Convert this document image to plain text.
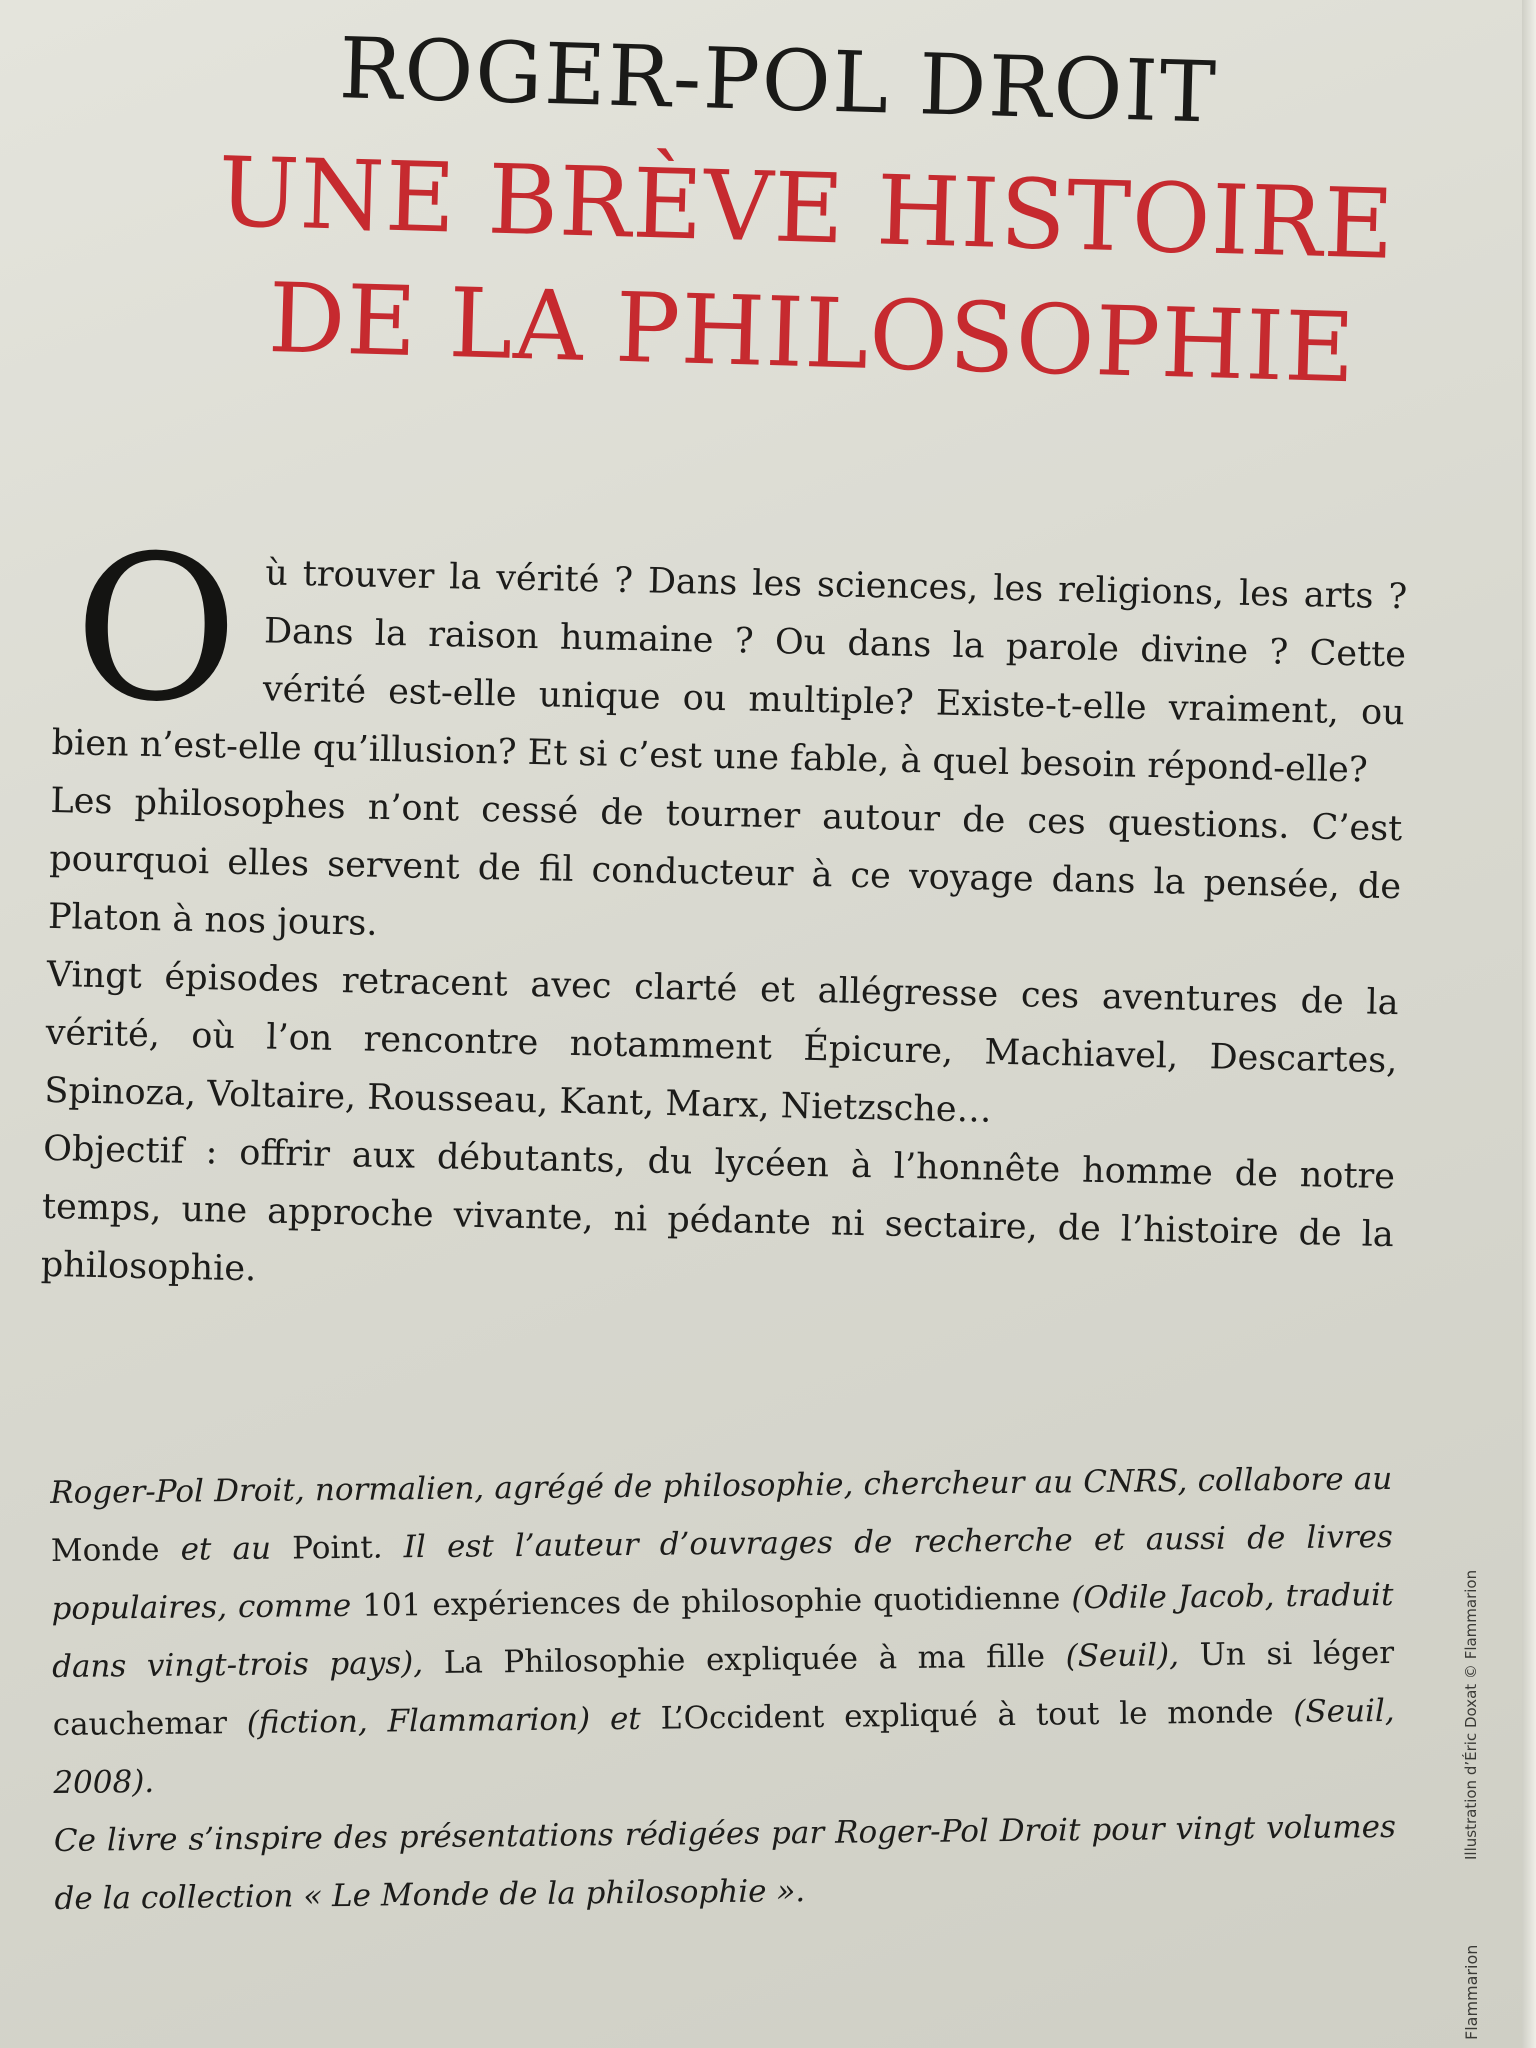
ROGER-POL DROIT
UNE BRÈVE HISTOIRE
DE LA PHILOSOPHIE

Où trouver la vérité ? Dans les sciences, les religions, les arts ? Dans la raison humaine ? Ou dans la parole divine ? Cette vérité est-elle unique ou multiple? Existe-t-elle vraiment, ou bien n’est-elle qu’illusion? Et si c’est une fable, à quel besoin répond-elle?

Les philosophes n’ont cessé de tourner autour de ces questions. C’est pourquoi elles servent de fil conducteur à ce voyage dans la pensée, de Platon à nos jours.

Vingt épisodes retracent avec clarté et allégresse ces aventures de la vérité, où l’on rencontre notamment Épicure, Machiavel, Descartes, Spinoza, Voltaire, Rousseau, Kant, Marx, Nietzsche…

Objectif : offrir aux débutants, du lycéen à l’honnête homme de notre temps, une approche vivante, ni pédante ni sectaire, de l’histoire de la philosophie.

Roger-Pol Droit, normalien, agrégé de philosophie, chercheur au CNRS, collabore au Monde et au Point. Il est l’auteur d’ouvrages de recherche et aussi de livres populaires, comme 101 expériences de philosophie quotidienne (Odile Jacob, traduit dans vingt-trois pays), La Philosophie expliquée à ma fille (Seuil), Un si léger cauchemar (fiction, Flammarion) et L’Occident expliqué à tout le monde (Seuil, 2008).

Ce livre s’inspire des présentations rédigées par Roger-Pol Droit pour vingt volumes de la collection « Le Monde de la philosophie ».

Illustration d’Éric Doxat © Flammarion
Flammarion
